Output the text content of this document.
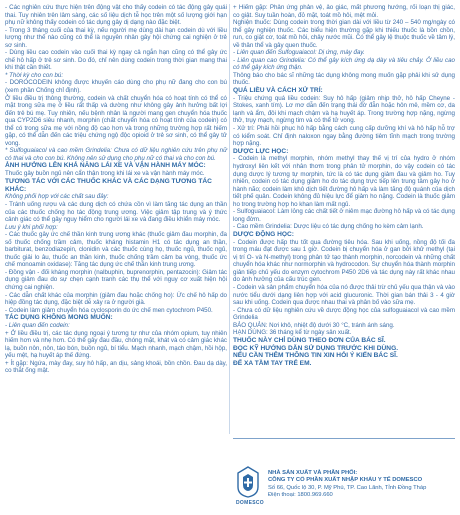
- Các nghiên cứu thực hiện trên động vật cho thấy codein có tác động gây quái thai. Tuy nhiên trên lâm sàng, các số liệu dịch tễ học trên một số lượng giới hạn phụ nữ không thấy codein có tác dụng gây dị dạng nào đặc biệt.

- Trong 3 tháng cuối của thai kỳ, nếu người mẹ dùng dài hạn codein dù với liều lượng như thế nào cũng có thể là nguyên nhân gây hội chứng cai nghiện ở trẻ sơ sinh.

- Dùng liều cao codein vào cuối thai kỳ ngay cả ngắn hạn cũng có thể gây ức chế hô hấp ở trẻ sơ sinh. Do đó, chỉ nên dùng codein trong thời gian mang thai khi thật cần thiết.

* Thời kỳ cho con bú:

- DOROCODEIN không được khuyến cáo dùng cho phụ nữ đang cho con bú (xem phần Chống chỉ định).

Ở liều điều trị thông thường, codein và chất chuyển hóa có hoạt tính có thể có mặt trong sữa mẹ ở liều rất thấp và dường như không gây ảnh hưởng bất lợi đến trẻ bú mẹ. Tuy nhiên, nếu bệnh nhân là người mang gen chuyển hóa thuốc qua CYP2D6 siêu nhanh, morphin (chất chuyển hóa có hoạt tính của codein) có thể có trong sữa mẹ với nồng độ cao hơn và trong những trường hợp rất hiếm gặp, có thể dẫn đến các triệu chứng ngộ độc opioid ở trẻ sơ sinh, có thể gây tử vong.

* Sulfoguaiacol và cao mềm Grindelia: Chưa có dữ liệu nghiên cứu trên phụ nữ có thai và cho con bú. Không nên sử dụng cho phụ nữ có thai và cho con bú.

ẢNH HƯỞNG LÊN KHẢ NĂNG LÁI XE VÀ VẬN HÀNH MÁY MÓC:

Thuốc gây buồn ngủ nên cẩn thận trong khi lái xe và vận hành máy móc.

TƯƠNG TÁC VỚI CÁC THUỐC KHÁC VÀ CÁC DẠNG TƯƠNG TÁC KHÁC:

Không phối hợp với các chất sau đây:

- Tránh uống rượu và các dung dịch có chứa cồn vì làm tăng tác dụng an thần của các thuốc chống ho tác động trung ương. Việc giảm tập trung và ý thức cảnh giác có thể gây nguy hiểm cho người lái xe và đang điều khiển máy móc.

Lưu ý khi phối hợp:

- Các thuốc gây ức chế thần kinh trung ương khác (thuốc giảm đau morphin, đa số thuốc chống trầm cảm, thuốc kháng histamin H1 có tác dụng an thần, barbiturat, benzodiazepin, clonidin và các thuốc cùng họ, thuốc ngủ, thuốc ngủ, thuốc giải lo âu, thuốc an thần kinh, thuốc chống trầm cảm ba vòng, thuốc ức chế monoamin oxidase): Tăng tác dụng ức chế thần kinh trung ương.

- Đồng vận - đối kháng morphin (nalbuphin, buprenorphin, pentazocin): Giảm tác dụng giảm đau do sự chẹn cạnh tranh các thụ thể với nguy cơ xuất hiện hội chứng cai nghiện.

- Các dẫn chất khác của morphin (giảm đau hoặc chống ho): Ức chế hô hấp do hiệp đồng tác dụng, đặc biệt dễ xảy ra ở người già.

- Codein làm giảm chuyển hóa cyclosporin do ức chế men cytochrom P450.

TÁC DỤNG KHÔNG MONG MUỐN:

- Liên quan đến codein:

+ Ở liều điều trị, các tác dụng ngoại ý tương tự như của nhóm opium, tuy nhiên hiếm hơn và nhẹ hơn. Có thể gây đau đầu, chóng mặt, khát và có cảm giác khác lạ, buồn nôn, nôn, táo bón, buồn ngủ, bí tiểu. Mạch nhanh, mạch chậm, hồi hộp, yếu mệt, hạ huyết áp thế đứng.

+ Ít gặp: Ngứa, mày đay, suy hô hấp, an dịu, sảng khoái, bồn chồn. Đau dạ dày, co thắt ống mật.

+ Hiếm gặp: Phản ứng phản vệ, ảo giác, mất phương hướng, rối loạn thị giác, co giật. Suy tuần hoàn, đỏ mặt, toát mồ hôi, mệt mỏi.

Nghiện thuốc: Dùng codein trong thời gian dài với liều từ 240 – 540 mg/ngày có thể gây nghiện thuốc. Các biểu hiện thường gặp khi thiếu thuốc là bồn chồn, run, co giật cơ, toát mồ hôi, chảy nước mũi. Có thể gây lệ thuộc thuốc về tâm lý, về thân thể và gây quen thuốc.

- Liên quan đến Sulfoguaiacol: Dị ứng, mày đay.

- Liên quan cao Grindelia: Có thể gây kích ứng dạ dày và tiêu chảy. Ở liều cao có thể gây kích ứng thận.

Thông báo cho bác sĩ những tác dụng không mong muốn gặp phải khi sử dụng thuốc.

QUÁ LIỀU VÀ CÁCH XỬ TRÍ:

- Triệu chứng quá liều codein: Suy hô hấp (giảm nhịp thở, hô hấp Cheyne - Stokes, xanh tím). Lơ mơ dẫn đến trạng thái đờ đẫn hoặc hôn mê, mềm cơ, da lạnh và ẩm, đôi khi mạch chậm và hạ huyết áp. Trong trường hợp nặng, ngừng thở, trụy mạch, ngừng tim và có thể tử vong.

- Xử trí: Phải hồi phục hô hấp bằng cách cung cấp dưỡng khí và hô hấp hỗ trợ có kiểm soát. Chỉ định naloxon ngay bằng đường tiêm tĩnh mạch trong trường hợp nặng.

DƯỢC LỰC HỌC:

- Codein là methyl morphin, nhóm methyl thay thế vị trí của hydro ở nhóm hydroxyl liên kết với nhân thơm trong phân tử morphin, do vậy codein có tác dụng dược lý tương tự morphin, tức là có tác dụng giảm đau và giảm ho. Tuy nhiên, codein có tác dụng giảm ho do tác dụng trực tiếp lên trung tâm gây ho ở hành não; codein làm khô dịch tiết đường hô hấp và làm tăng độ quánh của dịch tiết phế quản. Codein không đủ hiệu lực để giảm ho nặng. Codein là thuốc giảm ho trong trường hợp ho khan làm mất ngủ.

- Sulfoguaiacol: Làm lỏng các chất tiết ở niêm mạc đường hô hấp và có tác dụng long đờm.

- Cao mềm Grindelia: Dược liệu có tác dụng chống ho kèm cảm lạnh.

DƯỢC ĐỘNG HỌC:

- Codein được hấp thu tốt qua đường tiêu hóa. Sau khi uống, nồng độ tối đa trong máu đạt được sau 1 giờ. Codein bị chuyển hóa ở gan bởi khử methyl (tại vị trí O- và N-methyl) trong phân tử tạo thành morphin, norcodein và những chất chuyển hóa khác như normorphin và hydrocodon. Sự chuyển hóa thành morphin giản tiếp chủ yếu do enzym cytochrom P450 2D6 và tác dụng này rất khác nhau do ảnh hưởng của cấu trúc gen.

- Codein và sản phẩm chuyển hóa của nó được thải trừ chủ yếu qua thận và vào nước tiểu dưới dạng liên hợp với acid glucuronic. Thời gian bán thải 3 - 4 giờ sau khi uống. Codein qua được nhau thai và phân bố vào sữa mẹ.

- Chưa có dữ liệu nghiên cứu về dược động học của sulfoguaiacol và cao mềm Grindelia

BẢO QUẢN: Nơi khô, nhiệt độ dưới 30 °C, tránh ánh sáng.

HẠN DÙNG: 36 tháng kể từ ngày sản xuất.

THUỐC NÀY CHỈ DÙNG THEO ĐƠN CỦA BÁC SĨ.
ĐỌC KỸ HƯỚNG DẪN SỬ DỤNG TRƯỚC KHI DÙNG.
NẾU CẦN THÊM THÔNG TIN XIN HỎI Ý KIẾN BÁC SĨ.
ĐỂ XA TẦM TAY TRẺ EM.
DOMESCO
NHÀ SẢN XUẤT VÀ PHÂN PHỐI:
CÔNG TY CỔ PHẦN XUẤT NHẬP KHẨU Y TẾ DOMESCO
Số 66, Quốc lộ 30, P. Mỹ Phú, TP. Cao Lãnh, Tỉnh Đồng Tháp
Điện thoại: 1800.969.660
